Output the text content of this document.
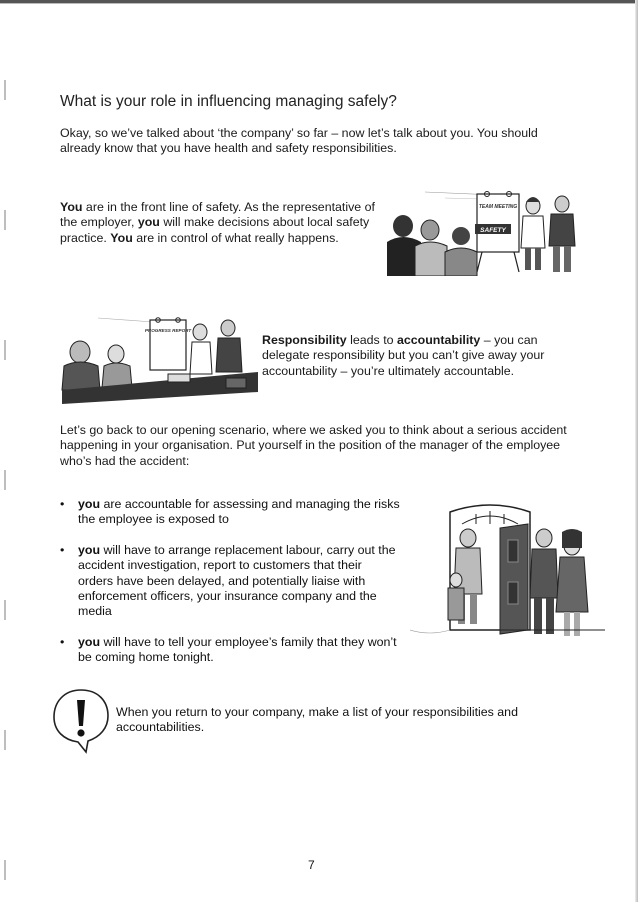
What is your role in influencing managing safely?
Okay, so we’ve talked about ‘the company’ so far – now let’s talk about you. You should already know that you have health and safety responsibilities.
You are in the front line of safety. As the representative of the employer, you will make decisions about local safety practice. You are in control of what really happens.
TEAM MEETING
SAFETY
PROGRESS REPORT
Responsibility leads to accountability – you can delegate responsibility but you can’t give away your accountability – you’re ultimately accountable.
Let’s go back to our opening scenario, where we asked you to think about a serious accident happening in your organisation. Put yourself in the position of the manager of the employee who’s had the accident:
• you are accountable for assessing and managing the risks the employee is exposed to
• you will have to arrange replacement labour, carry out the accident investigation, report to customers that their orders have been delayed, and potentially liaise with enforcement officers, your insurance company and the media
• you will have to tell your employee’s family that they won’t be coming home tonight.
When you return to your company, make a list of your responsibilities and accountabilities.
7
